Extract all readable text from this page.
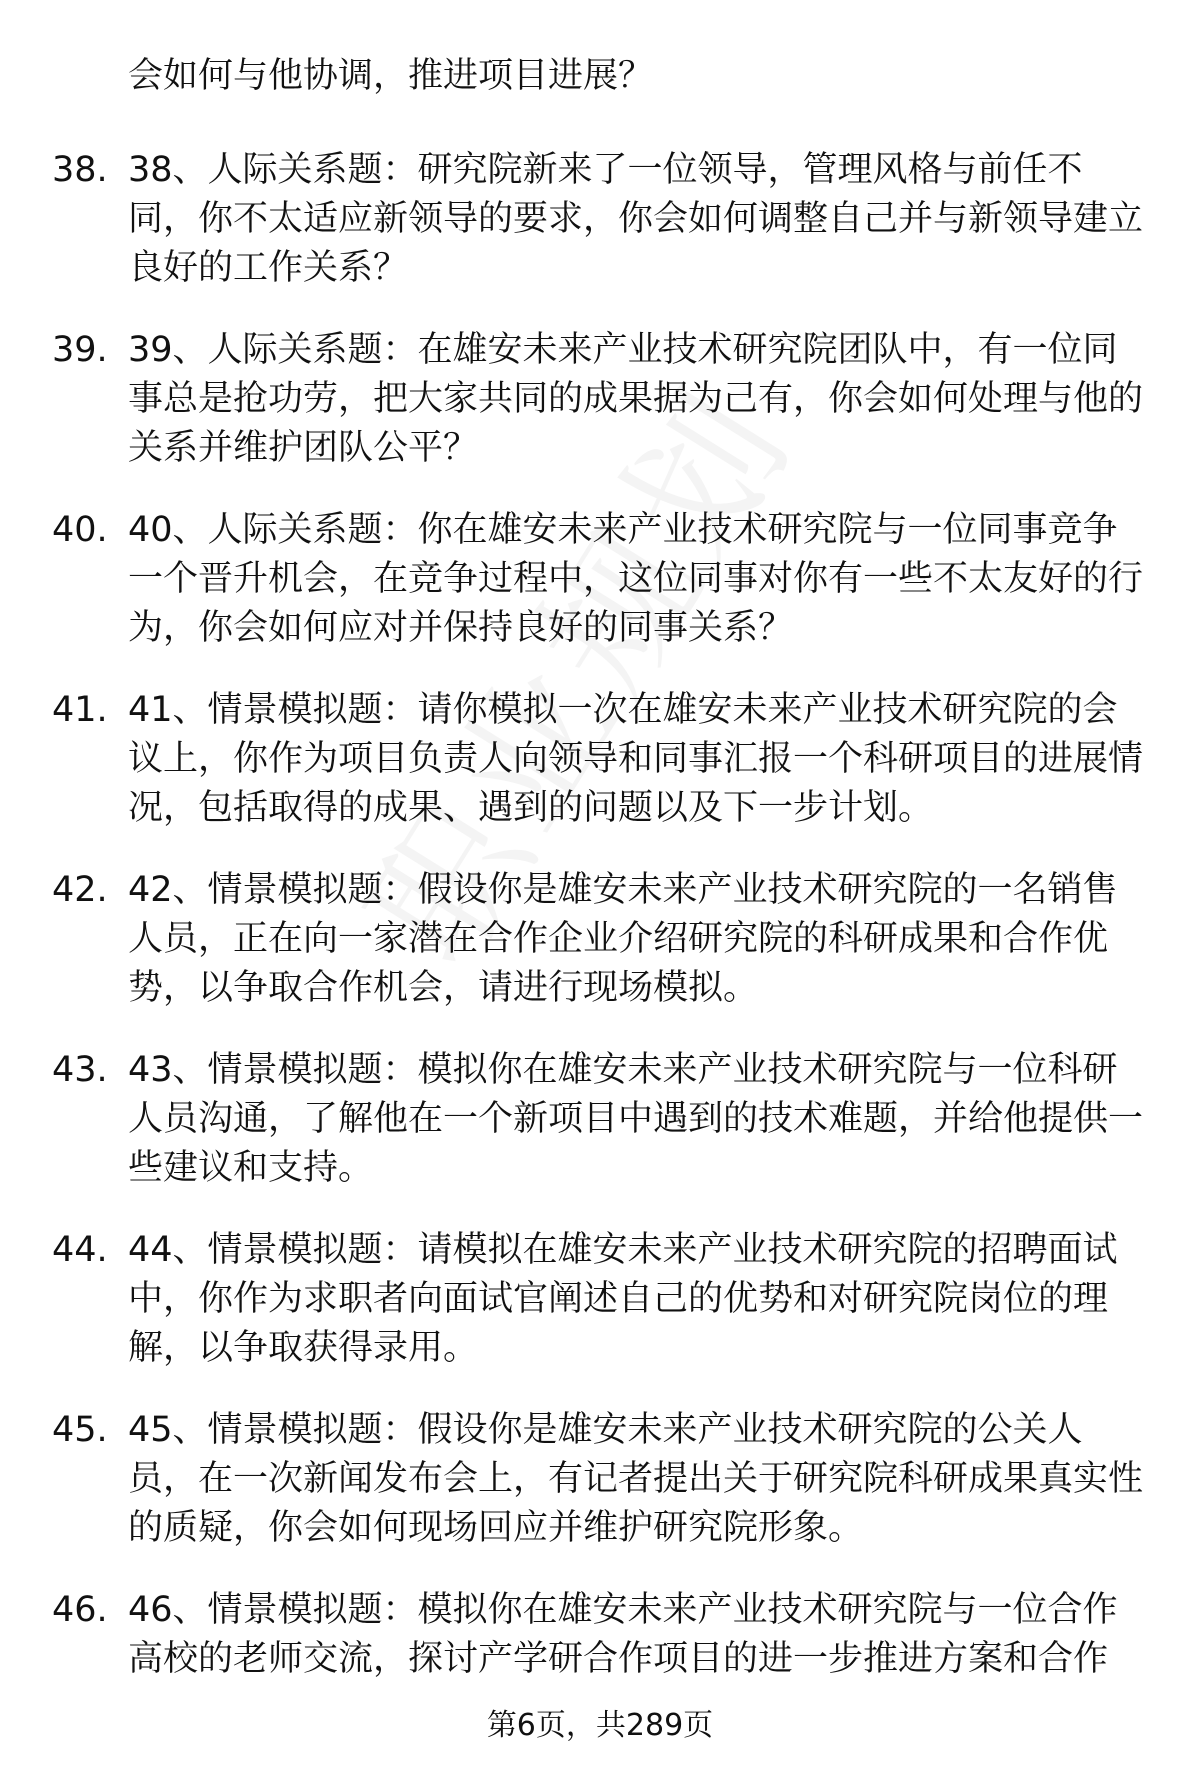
会如何与他协调，推进项目进展？
38. 38、人际关系题：研究院新来了一位领导，管理风格与前任不同，你不太适应新领导的要求，你会如何调整自己并与新领导建立良好的工作关系？
39. 39、人际关系题：在雄安未来产业技术研究院团队中，有一位同事总是抢功劳，把大家共同的成果据为己有，你会如何处理与他的关系并维护团队公平？
40. 40、人际关系题：你在雄安未来产业技术研究院与一位同事竞争一个晋升机会，在竞争过程中，这位同事对你有一些不太友好的行为，你会如何应对并保持良好的同事关系？
41. 41、情景模拟题：请你模拟一次在雄安未来产业技术研究院的会议上，你作为项目负责人向领导和同事汇报一个科研项目的进展情况，包括取得的成果、遇到的问题以及下一步计划。
42. 42、情景模拟题：假设你是雄安未来产业技术研究院的一名销售人员，正在向一家潜在合作企业介绍研究院的科研成果和合作优势，以争取合作机会，请进行现场模拟。
43. 43、情景模拟题：模拟你在雄安未来产业技术研究院与一位科研人员沟通，了解他在一个新项目中遇到的技术难题，并给他提供一些建议和支持。
44. 44、情景模拟题：请模拟在雄安未来产业技术研究院的招聘面试中，你作为求职者向面试官阐述自己的优势和对研究院岗位的理解，以争取获得录用。
45. 45、情景模拟题：假设你是雄安未来产业技术研究院的公关人员，在一次新闻发布会上，有记者提出关于研究院科研成果真实性的质疑，你会如何现场回应并维护研究院形象。
46. 46、情景模拟题：模拟你在雄安未来产业技术研究院与一位合作高校的老师交流，探讨产学研合作项目的进一步推进方案和合作
第6页，共289页
